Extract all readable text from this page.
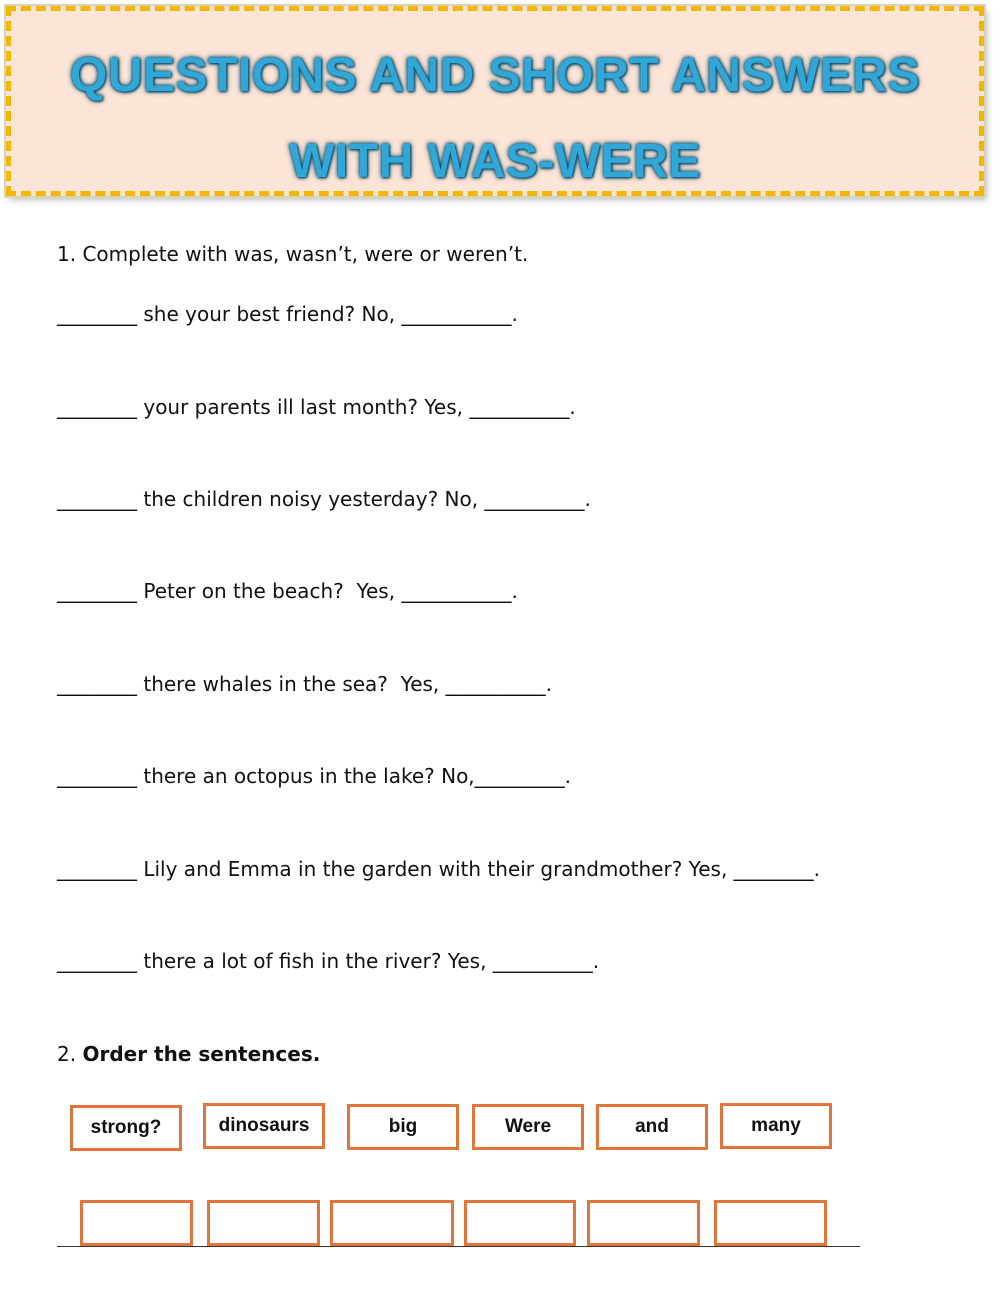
QUESTIONS AND SHORT ANSWERS
WITH WAS-WERE
1. Complete with was, wasn’t, were or weren’t.
________ she your best friend? No, ___________.
________ your parents ill last month? Yes, __________.
________ the children noisy yesterday? No, __________.
________ Peter on the beach?  Yes, ___________.
________ there whales in the sea?  Yes, __________.
________ there an octopus in the lake? No,_________.
________ Lily and Emma in the garden with their grandmother? Yes, ________.
________ there a lot of fish in the river? Yes, __________.
2. Order the sentences.
strong?	dinosaurs	big	Were	and	many
